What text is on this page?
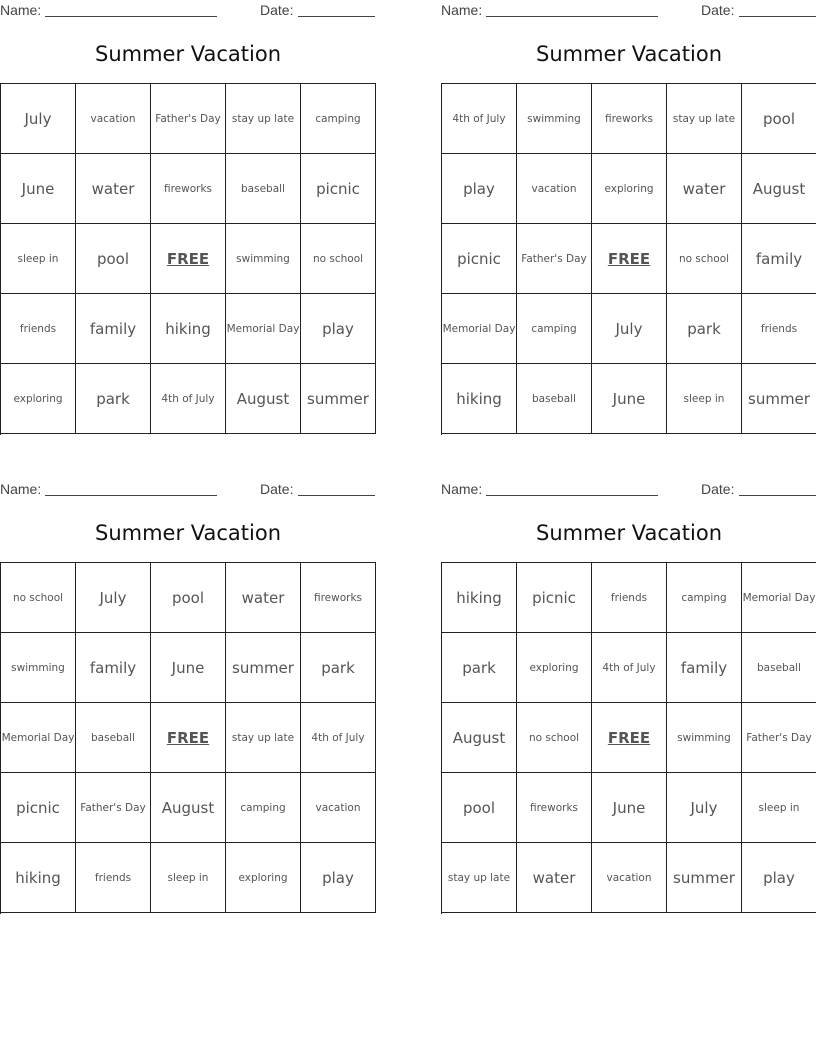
Name:	Date:
Summer Vacation
July	vacation	Father's Day	stay up late	camping
June	water	fireworks	baseball	picnic
sleep in	pool	FREE	swimming	no school
friends	family	hiking	Memorial Day	play
exploring	park	4th of July	August	summer
Name:	Date:
Summer Vacation
4th of July	swimming	fireworks	stay up late	pool
play	vacation	exploring	water	August
picnic	Father's Day	FREE	no school	family
Memorial Day	camping	July	park	friends
hiking	baseball	June	sleep in	summer
Name:	Date:
Summer Vacation
no school	July	pool	water	fireworks
swimming	family	June	summer	park
Memorial Day	baseball	FREE	stay up late	4th of July
picnic	Father's Day	August	camping	vacation
hiking	friends	sleep in	exploring	play
Name:	Date:
Summer Vacation
hiking	picnic	friends	camping	Memorial Day
park	exploring	4th of July	family	baseball
August	no school	FREE	swimming	Father's Day
pool	fireworks	June	July	sleep in
stay up late	water	vacation	summer	play
